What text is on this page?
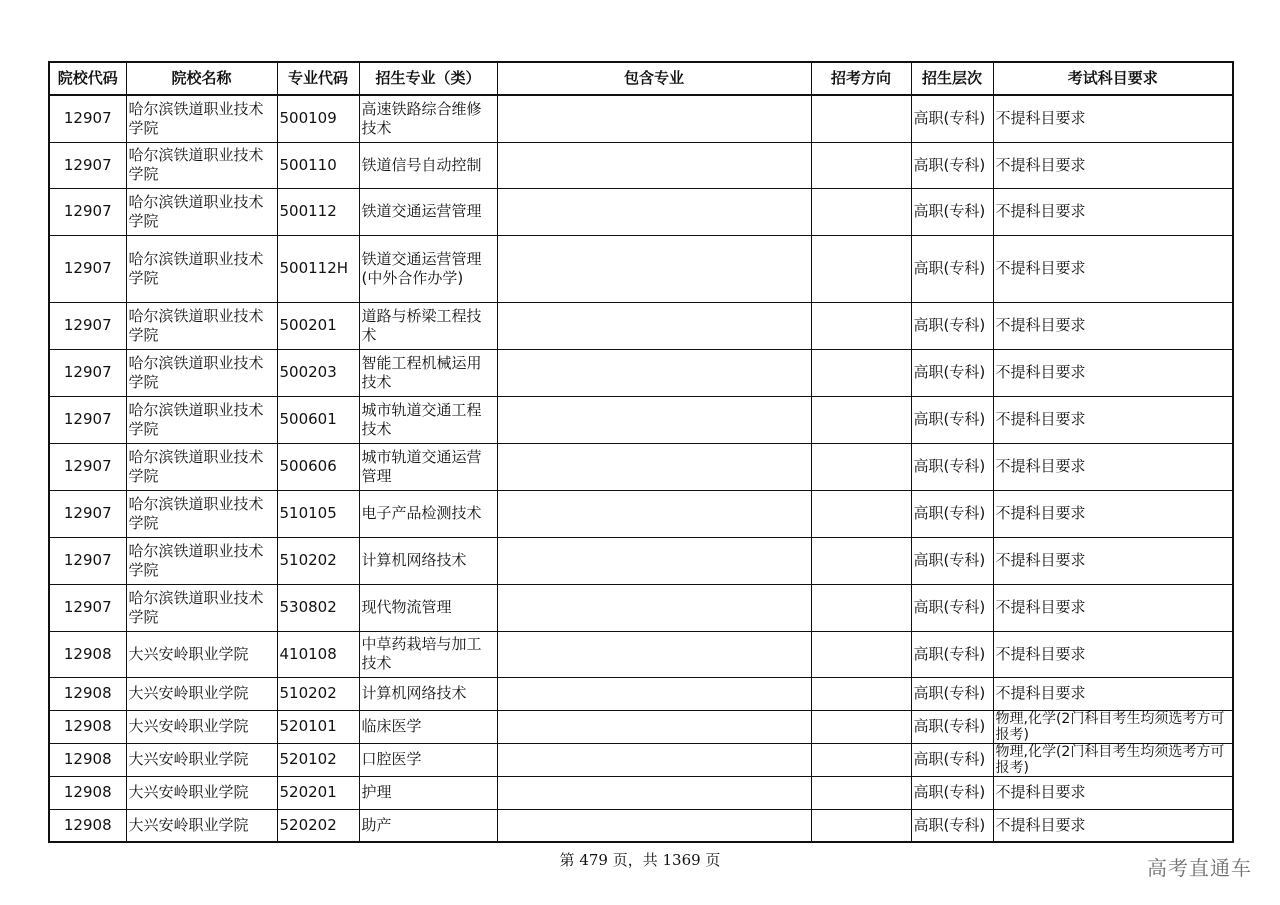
院校代码	院校名称	专业代码	招生专业（类）	包含专业	招考方向	招生层次	考试科目要求
12907	哈尔滨铁道职业技术学院	500109	高速铁路综合维修技术			高职(专科)	不提科目要求
12907	哈尔滨铁道职业技术学院	500110	铁道信号自动控制			高职(专科)	不提科目要求
12907	哈尔滨铁道职业技术学院	500112	铁道交通运营管理			高职(专科)	不提科目要求
12907	哈尔滨铁道职业技术学院	500112H	铁道交通运营管理(中外合作办学)			高职(专科)	不提科目要求
12907	哈尔滨铁道职业技术学院	500201	道路与桥梁工程技术			高职(专科)	不提科目要求
12907	哈尔滨铁道职业技术学院	500203	智能工程机械运用技术			高职(专科)	不提科目要求
12907	哈尔滨铁道职业技术学院	500601	城市轨道交通工程技术			高职(专科)	不提科目要求
12907	哈尔滨铁道职业技术学院	500606	城市轨道交通运营管理			高职(专科)	不提科目要求
12907	哈尔滨铁道职业技术学院	510105	电子产品检测技术			高职(专科)	不提科目要求
12907	哈尔滨铁道职业技术学院	510202	计算机网络技术			高职(专科)	不提科目要求
12907	哈尔滨铁道职业技术学院	530802	现代物流管理			高职(专科)	不提科目要求
12908	大兴安岭职业学院	410108	中草药栽培与加工技术			高职(专科)	不提科目要求
12908	大兴安岭职业学院	510202	计算机网络技术			高职(专科)	不提科目要求
12908	大兴安岭职业学院	520101	临床医学			高职(专科)	物理,化学(2门科目考生均须选考方可报考)
12908	大兴安岭职业学院	520102	口腔医学			高职(专科)	物理,化学(2门科目考生均须选考方可报考)
12908	大兴安岭职业学院	520201	护理			高职(专科)	不提科目要求
12908	大兴安岭职业学院	520202	助产			高职(专科)	不提科目要求
第 479 页，共 1369 页	高考直通车
